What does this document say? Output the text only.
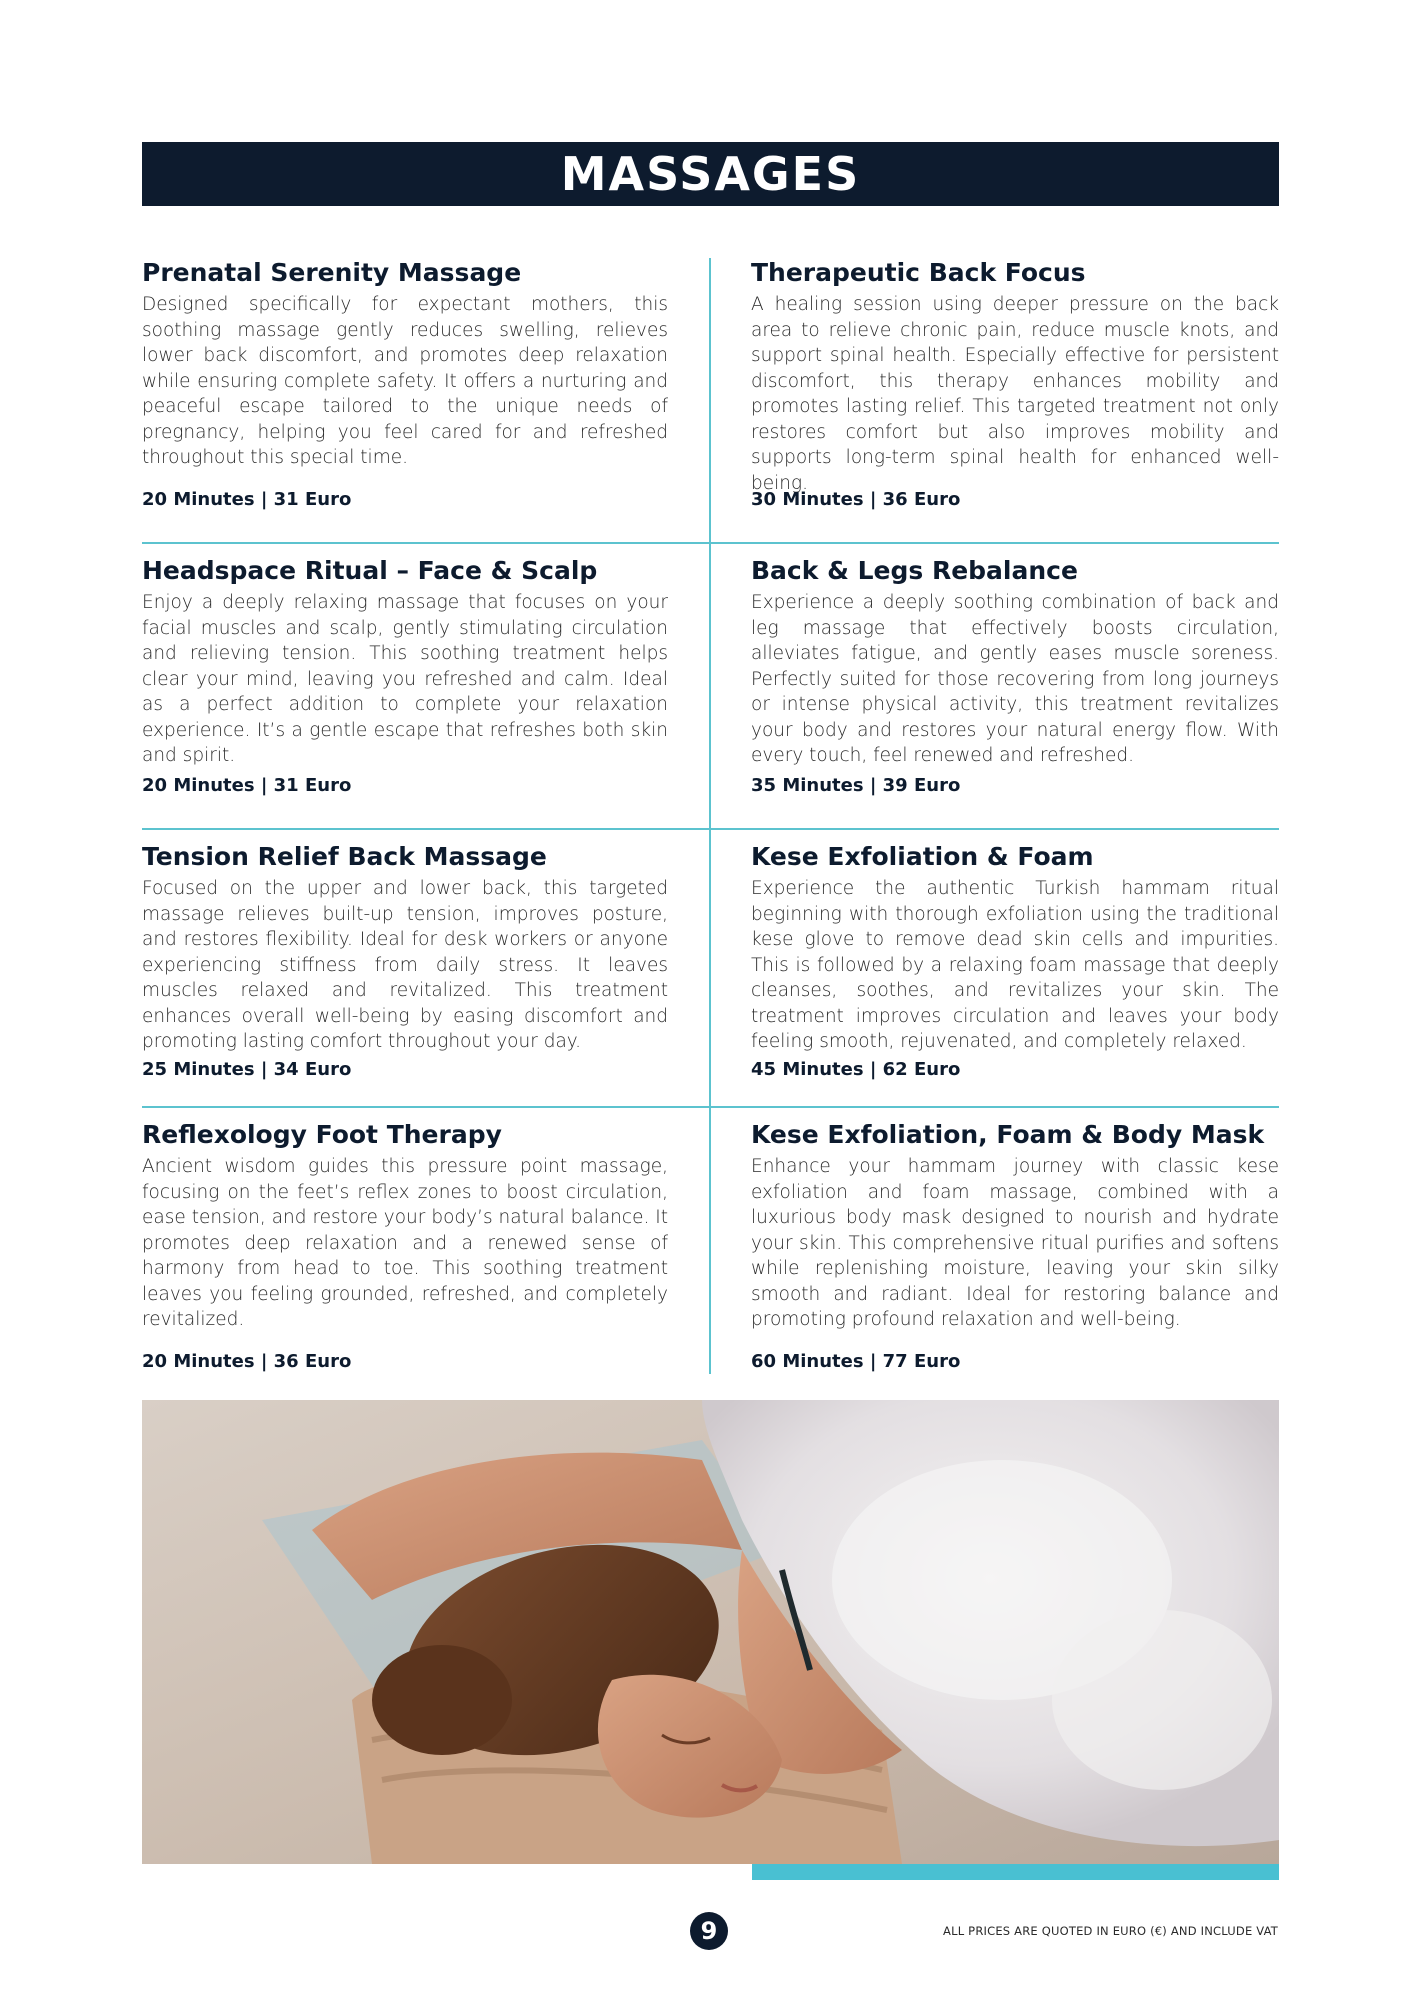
MASSAGES
Prenatal Serenity Massage

Designed specifically for expectant mothers, this soothing massage gently reduces swelling, relieves lower back discomfort, and promotes deep relaxation while ensuring complete safety. It offers a nurturing and peaceful escape tailored to the unique needs of pregnancy, helping you feel cared for and refreshed throughout this special time.

20 Minutes | 31 Euro
Therapeutic Back Focus

A healing session using deeper pressure on the back area to relieve chronic pain, reduce muscle knots, and support spinal health. Especially effective for persistent discomfort, this therapy enhances mobility and promotes lasting relief. This targeted treatment not only restores comfort but also improves mobility and supports long-term spinal health for enhanced well-being.

30 Minutes | 36 Euro
Headspace Ritual – Face & Scalp

Enjoy a deeply relaxing massage that focuses on your facial muscles and scalp, gently stimulating circulation and relieving tension. This soothing treatment helps clear your mind, leaving you refreshed and calm. Ideal as a perfect addition to complete your relaxation experience. It’s a gentle escape that refreshes both skin and spirit.

20 Minutes | 31 Euro
Back & Legs Rebalance

Experience a deeply soothing combination of back and leg massage that effectively boosts circulation, alleviates fatigue, and gently eases muscle soreness. Perfectly suited for those recovering from long journeys or intense physical activity, this treatment revitalizes your body and restores your natural energy flow. With every touch, feel renewed and refreshed.

35 Minutes | 39 Euro
Tension Relief Back Massage

Focused on the upper and lower back, this targeted massage relieves built-up tension, improves posture, and restores flexibility. Ideal for desk workers or anyone experiencing stiffness from daily stress. It leaves muscles relaxed and revitalized. This treatment enhances overall well-being by easing discomfort and promoting lasting comfort throughout your day.

25 Minutes | 34 Euro
Kese Exfoliation & Foam

Experience the authentic Turkish hammam ritual beginning with thorough exfoliation using the traditional kese glove to remove dead skin cells and impurities. This is followed by a relaxing foam massage that deeply cleanses, soothes, and revitalizes your skin. The treatment improves circulation and leaves your body feeling smooth, rejuvenated, and completely relaxed.

45 Minutes | 62 Euro
Reflexology Foot Therapy

Ancient wisdom guides this pressure point massage, focusing on the feet’s reflex zones to boost circulation, ease tension, and restore your body’s natural balance. It promotes deep relaxation and a renewed sense of harmony from head to toe. This soothing treatment leaves you feeling grounded, refreshed, and completely revitalized.

20 Minutes | 36 Euro
Kese Exfoliation, Foam & Body Mask

Enhance your hammam journey with classic kese exfoliation and foam massage, combined with a luxurious body mask designed to nourish and hydrate your skin. This comprehensive ritual purifies and softens while replenishing moisture, leaving your skin silky smooth and radiant. Ideal for restoring balance and promoting profound relaxation and well-being.

60 Minutes | 77 Euro
9	ALL PRICES ARE QUOTED IN EURO (€) AND INCLUDE VAT
